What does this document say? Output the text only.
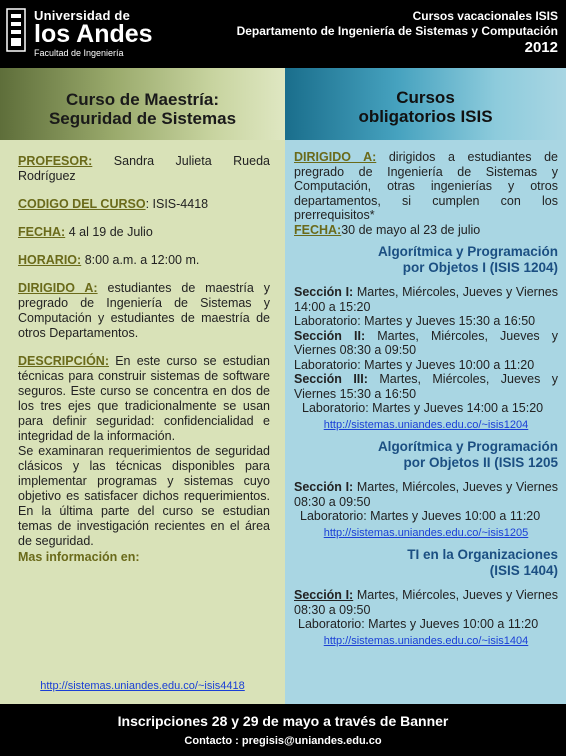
Universidad de
los Andes
Facultad de Ingeniería
Cursos vacacionales ISIS
Departamento de Ingeniería de Sistemas y Computación
2012
Curso de Maestría:
Seguridad de Sistemas

PROFESOR: Sandra Julieta Rueda Rodríguez

CODIGO DEL CURSO: ISIS-4418

FECHA: 4 al 19 de Julio

HORARIO: 8:00 a.m. a 12:00 m.

DIRIGIDO A: estudiantes de maestría y pregrado de Ingeniería de Sistemas y Computación y estudiantes de maestría de otros Departamentos.

DESCRIPCIÓN: En este curso se estudian técnicas para construir sistemas de software seguros. Este curso se concentra en dos de los tres ejes que tradicionalmente se usan para definir seguridad: confidencialidad e integridad de la información.

Se examinaran requerimientos de seguridad clásicos y las técnicas disponibles para implementar programas y sistemas cuyo objetivo es satisfacer dichos requerimientos. En la última parte del curso se estudian temas de investigación recientes en el área de seguridad.

Mas información en:
http://sistemas.uniandes.edu.co/~isis4418
Cursos
obligatorios ISIS

DIRIGIDO A: dirigidos a estudiantes de pregrado de Ingeniería de Sistemas y Computación, otras ingenierías y otros departamentos, si cumplen con los prerrequisitos*

FECHA:30 de mayo al 23 de julio

Algorítmica y Programación
por Objetos I (ISIS 1204)

Sección I: Martes, Miércoles, Jueves y Viernes 14:00 a 15:20

Laboratorio: Martes y Jueves 15:30 a 16:50

Sección II: Martes, Miércoles, Jueves y Viernes 08:30 a 09:50

Laboratorio: Martes y Jueves 10:00 a 11:20

Sección III: Martes, Miércoles, Jueves y Viernes 15:30 a 16:50

Laboratorio: Martes y Jueves 14:00 a 15:20

http://sistemas.uniandes.edu.co/~isis1204
Algorítmica y Programación
por Objetos II (ISIS 1205

Sección I: Martes, Miércoles, Jueves y Viernes 08:30 a 09:50

Laboratorio: Martes y Jueves 10:00 a 11:20

http://sistemas.uniandes.edu.co/~isis1205
TI en la Organizaciones
(ISIS 1404)

Sección I: Martes, Miércoles, Jueves y Viernes 08:30 a 09:50

Laboratorio: Martes y Jueves 10:00 a 11:20

http://sistemas.uniandes.edu.co/~isis1404
Inscripciones 28 y 29 de mayo a través de Banner
Contacto : pregisis@uniandes.edu.co
